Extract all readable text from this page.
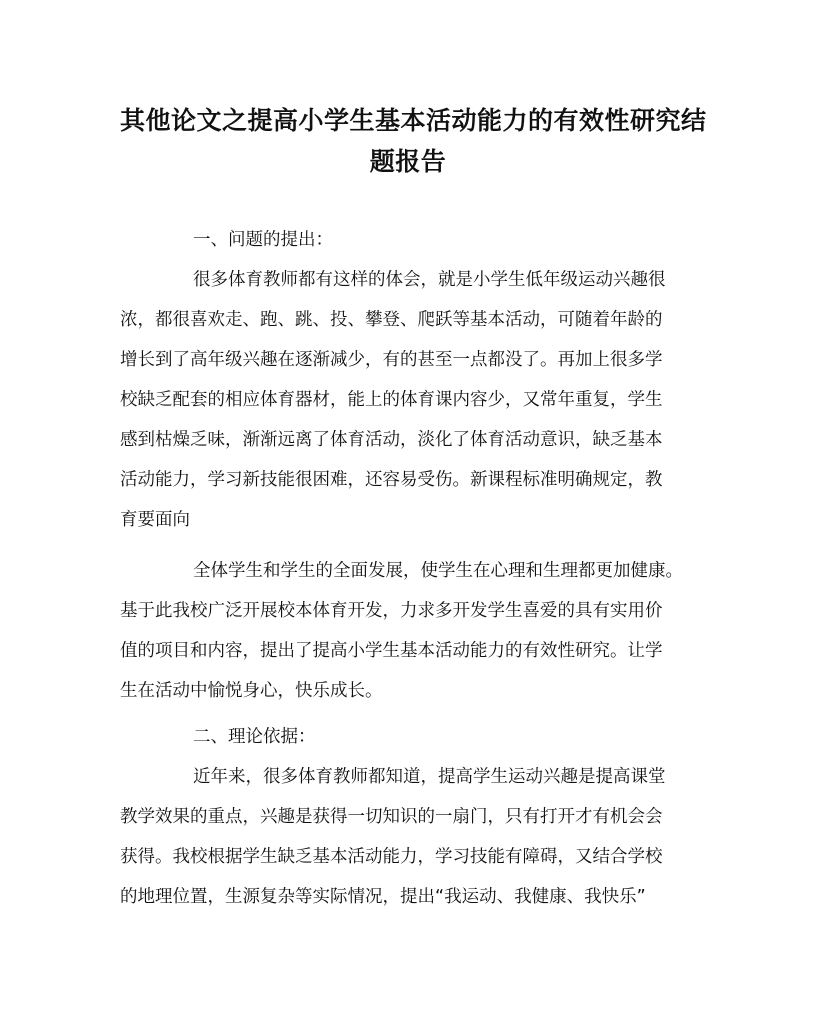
其他论文之提高小学生基本活动能力的有效性研究结
题报告
一、问题的提出：
很多体育教师都有这样的体会，就是小学生低年级运动兴趣很
浓，都很喜欢走、跑、跳、投、攀登、爬跃等基本活动，可随着年龄的
增长到了高年级兴趣在逐渐减少，有的甚至一点都没了。再加上很多学
校缺乏配套的相应体育器材，能上的体育课内容少，又常年重复，学生
感到枯燥乏味，渐渐远离了体育活动，淡化了体育活动意识，缺乏基本
活动能力，学习新技能很困难，还容易受伤。新课程标准明确规定，教
育要面向
全体学生和学生的全面发展，使学生在心理和生理都更加健康。
基于此我校广泛开展校本体育开发，力求多开发学生喜爱的具有实用价
值的项目和内容，提出了提高小学生基本活动能力的有效性研究。让学
生在活动中愉悦身心，快乐成长。
二、理论依据：
近年来，很多体育教师都知道，提高学生运动兴趣是提高课堂
教学效果的重点，兴趣是获得一切知识的一扇门，只有打开才有机会会
获得。我校根据学生缺乏基本活动能力，学习技能有障碍，又结合学校
的地理位置，生源复杂等实际情况，提出“我运动、我健康、我快乐”
